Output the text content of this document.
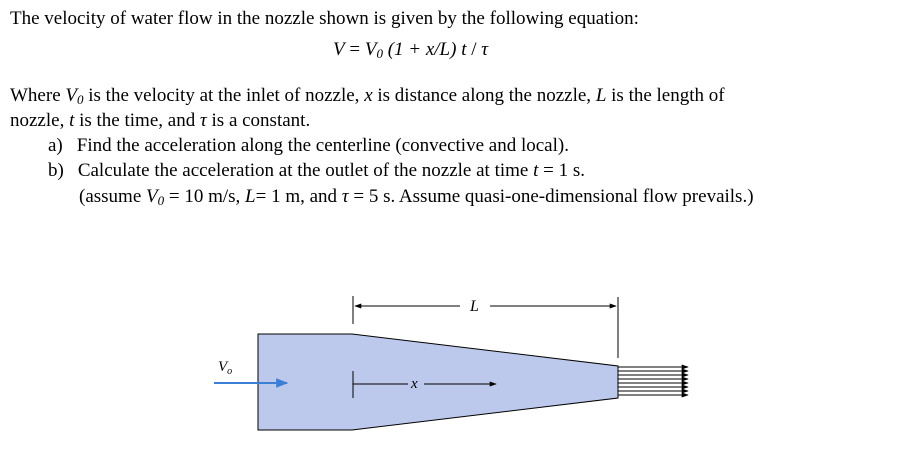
The velocity of water flow in the nozzle shown is given by the following equation:
$V = V_0$ (1 + x/L) t / τ
Where $V_0$ is the velocity at the inlet of nozzle, x is distance along the nozzle, L is the length of
nozzle, t is the time, and τ is a constant.
a) Find the acceleration along the centerline (convective and local).
b) Calculate the acceleration at the outlet of the nozzle at time t = 1 s.
(assume $V_0 = 10$ m/s, L= 1 m, and τ = 5 s. Assume quasi-one-dimensional flow prevails.)
L
x
$V_o$
